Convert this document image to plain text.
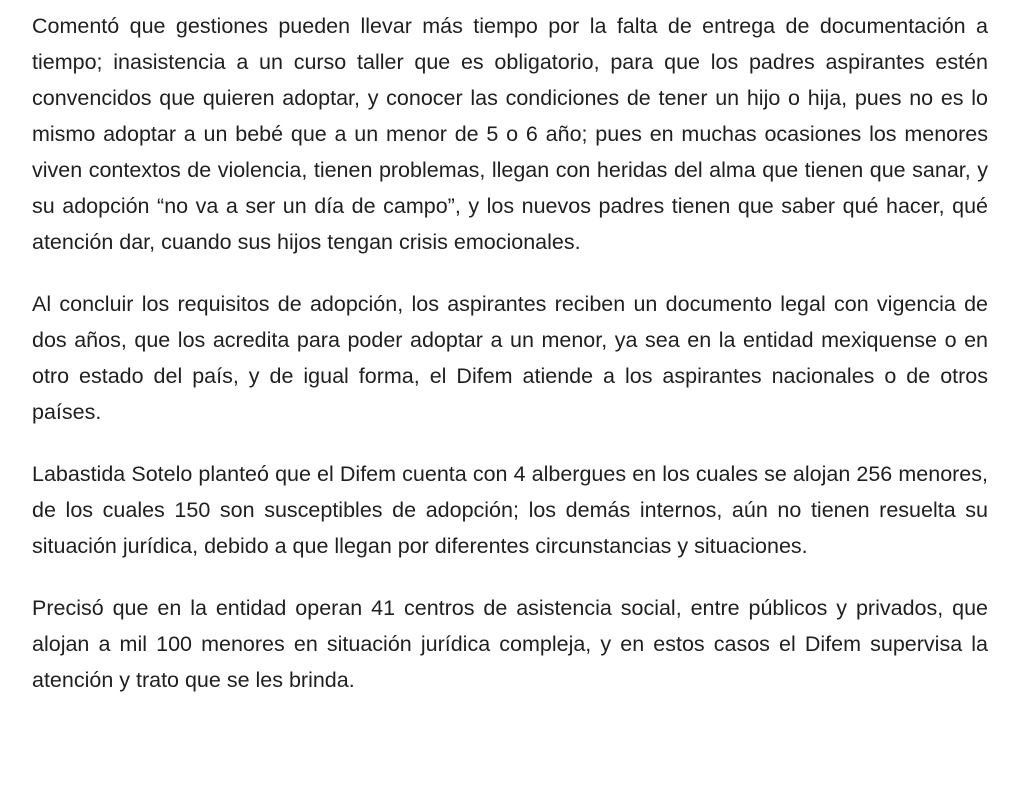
Comentó que gestiones pueden llevar más tiempo por la falta de entrega de documentación a tiempo; inasistencia a un curso taller que es obligatorio, para que los padres aspirantes estén convencidos que quieren adoptar, y conocer las condiciones de tener un hijo o hija, pues no es lo mismo adoptar a un bebé que a un menor de 5 o 6 año; pues en muchas ocasiones los menores viven contextos de violencia, tienen problemas, llegan con heridas del alma que tienen que sanar, y su adopción “no va a ser un día de campo”, y los nuevos padres tienen que saber qué hacer, qué atención dar, cuando sus hijos tengan crisis emocionales.

Al concluir los requisitos de adopción, los aspirantes reciben un documento legal con vigencia de dos años, que los acredita para poder adoptar a un menor, ya sea en la entidad mexiquense o en otro estado del país, y de igual forma, el Difem atiende a los aspirantes nacionales o de otros países.

Labastida Sotelo planteó que el Difem cuenta con 4 albergues en los cuales se alojan 256 menores, de los cuales 150 son susceptibles de adopción; los demás internos, aún no tienen resuelta su situación jurídica, debido a que llegan por diferentes circunstancias y situaciones.

Precisó que en la entidad operan 41 centros de asistencia social, entre públicos y privados, que alojan a mil 100 menores en situación jurídica compleja, y en estos casos el Difem supervisa la atención y trato que se les brinda.
